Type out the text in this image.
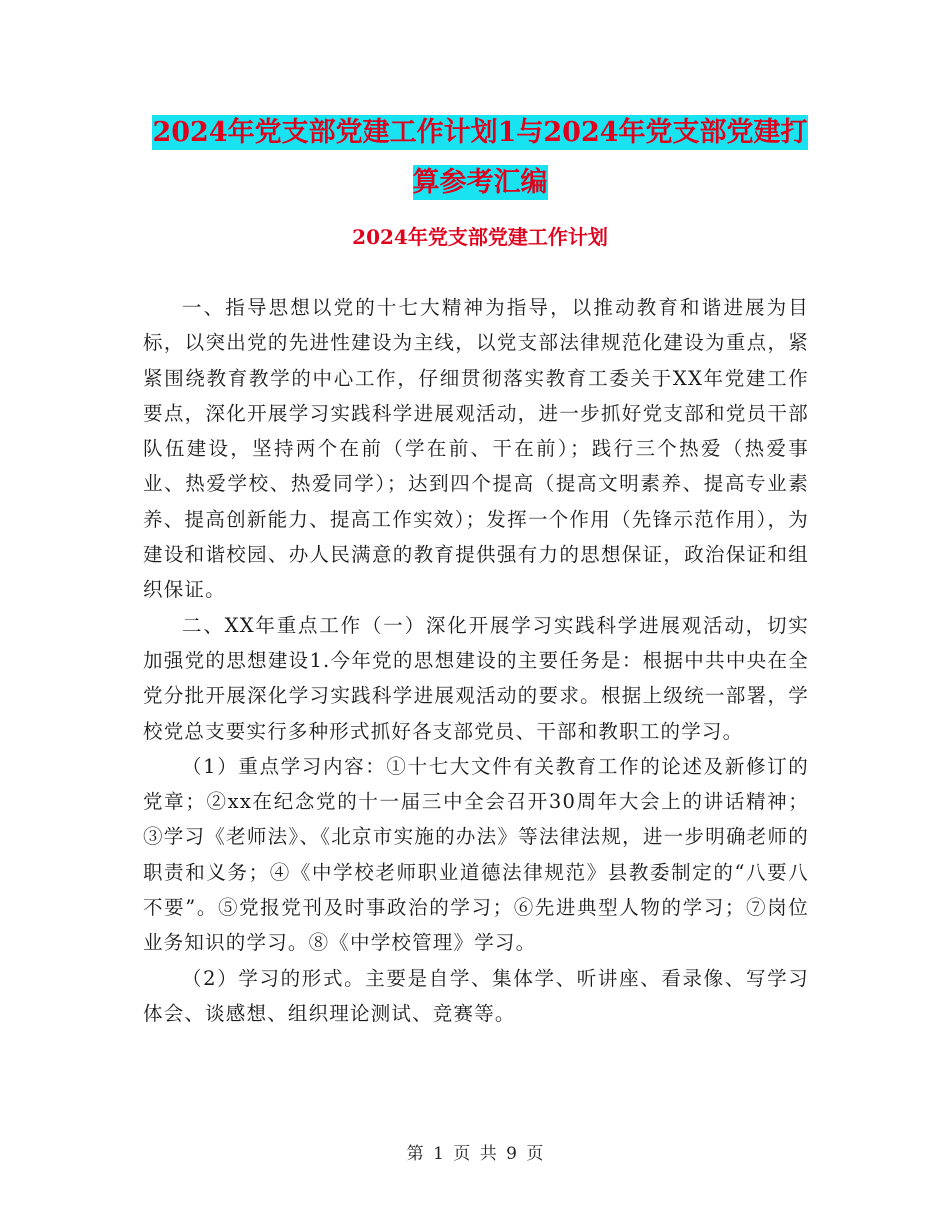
2024年党支部党建工作计划1与2024年党支部党建打算参考汇编
2024年党支部党建工作计划

一、指导思想以党的十七大精神为指导，以推动教育和谐进展为目标，以突出党的先进性建设为主线，以党支部法律规范化建设为重点，紧紧围绕教育教学的中心工作，仔细贯彻落实教育工委关于XX年党建工作要点，深化开展学习实践科学进展观活动，进一步抓好党支部和党员干部队伍建设，坚持两个在前（学在前、干在前）；践行三个热爱（热爱事业、热爱学校、热爱同学）；达到四个提高（提高文明素养、提高专业素养、提高创新能力、提高工作实效）；发挥一个作用（先锋示范作用），为建设和谐校园、办人民满意的教育提供强有力的思想保证，政治保证和组织保证。

二、XX年重点工作（一）深化开展学习实践科学进展观活动，切实加强党的思想建设1.今年党的思想建设的主要任务是：根据中共中央在全党分批开展深化学习实践科学进展观活动的要求。根据上级统一部署，学校党总支要实行多种形式抓好各支部党员、干部和教职工的学习。

（1）重点学习内容：①十七大文件有关教育工作的论述及新修订的党章；②xx在纪念党的十一届三中全会召开30周年大会上的讲话精神；③学习《老师法》、《北京市实施的办法》等法律法规，进一步明确老师的职责和义务；④《中学校老师职业道德法律规范》县教委制定的“八要八不要”。⑤党报党刊及时事政治的学习；⑥先进典型人物的学习；⑦岗位业务知识的学习。⑧《中学校管理》学习。

（2）学习的形式。主要是自学、集体学、听讲座、看录像、写学习体会、谈感想、组织理论测试、竞赛等。

第 1 页 共 9 页
